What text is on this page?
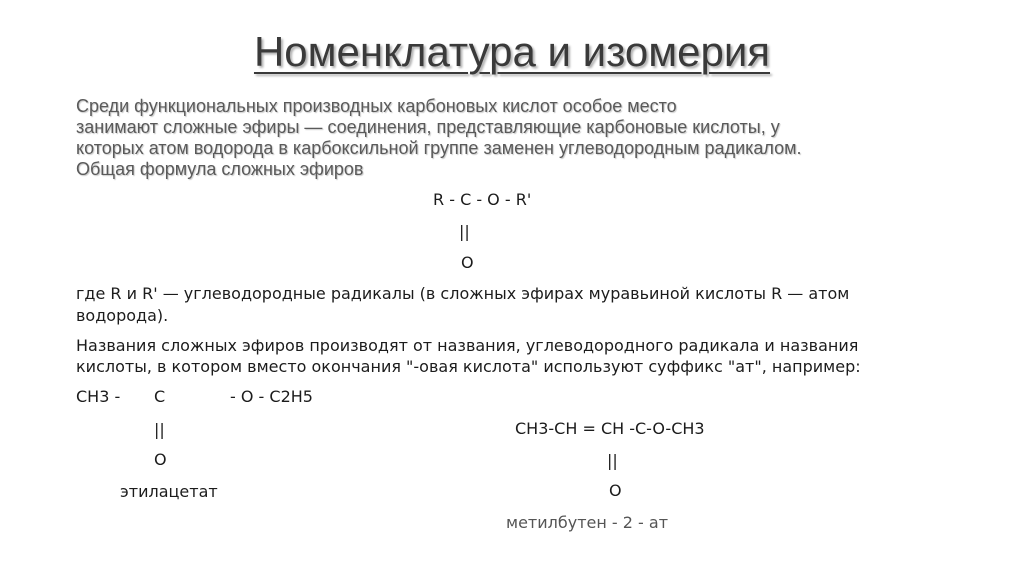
Номенклатура и изомерия
Среди функциональных производных карбоновых кислот особое место
занимают сложные эфиры — соединения, представляющие карбоновые кислоты, у
которых атом водорода в карбоксильной группе заменен углеводородным радикалом.
Общая формула сложных эфиров
R - C - O - R'
||
O
где R и R' — углеводородные радикалы (в сложных эфирах муравьиной кислоты R — атом
водорода).
Названия сложных эфиров производят от названия, углеводородного радикала и названия
кислоты, в котором вместо окончания "-овая кислота" используют суффикс "ат", например:
CH3 - C	- O - C2H5
||
O
этилацетат
CH3-CH = CH -C-O-CH3
||
O
метилбутен - 2 - ат
